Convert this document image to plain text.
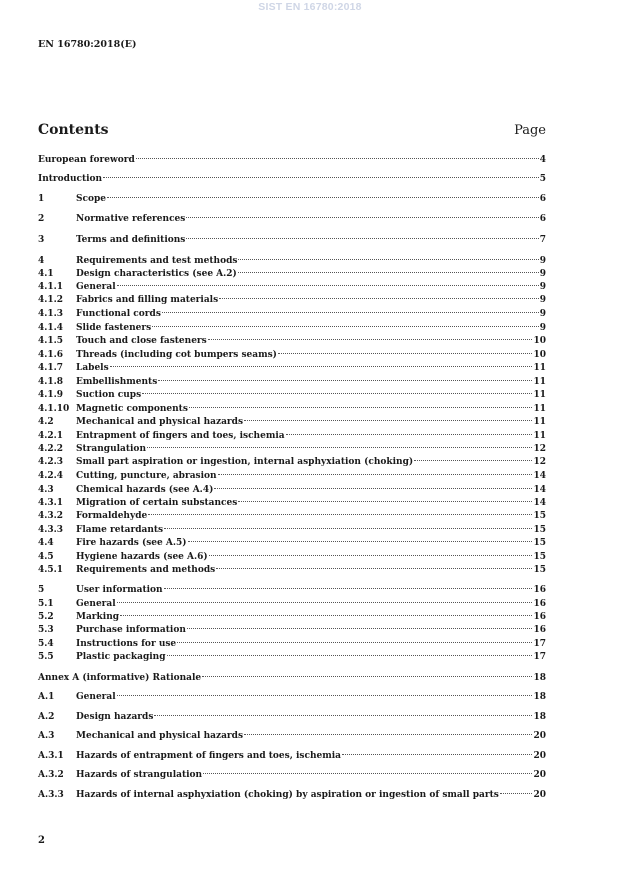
SIST EN 16780:2018
EN 16780:2018(E)
Contents	Page
European foreword	4
Introduction	5
1	Scope	6
2	Normative references	6
3	Terms and definitions	7
4	Requirements and test methods	9
4.1	Design characteristics (see A.2)	9
4.1.1	General	9
4.1.2	Fabrics and filling materials	9
4.1.3	Functional cords	9
4.1.4	Slide fasteners	9
4.1.5	Touch and close fasteners	10
4.1.6	Threads (including cot bumpers seams)	10
4.1.7	Labels	11
4.1.8	Embellishments	11
4.1.9	Suction cups	11
4.1.10 Magnetic components	11
4.2	Mechanical and physical hazards	11
4.2.1	Entrapment of fingers and toes, ischemia	11
4.2.2	Strangulation	12
4.2.3	Small part aspiration or ingestion, internal asphyxiation (choking)	12
4.2.4	Cutting, puncture, abrasion	14
4.3	Chemical hazards (see A.4)	14
4.3.1	Migration of certain substances	14
4.3.2	Formaldehyde	15
4.3.3	Flame retardants	15
4.4	Fire hazards (see A.5)	15
4.5	Hygiene hazards (see A.6)	15
4.5.1	Requirements and methods	15
5	User information	16
5.1	General	16
5.2	Marking	16
5.3	Purchase information	16
5.4	Instructions for use	17
5.5	Plastic packaging	17
Annex A (informative) Rationale	18
A.1	General	18
A.2	Design hazards	18
A.3	Mechanical and physical hazards	20
A.3.1	Hazards of entrapment of fingers and toes, ischemia	20
A.3.2	Hazards of strangulation	20
A.3.3	Hazards of internal asphyxiation (choking) by aspiration or ingestion of small parts	20
2
